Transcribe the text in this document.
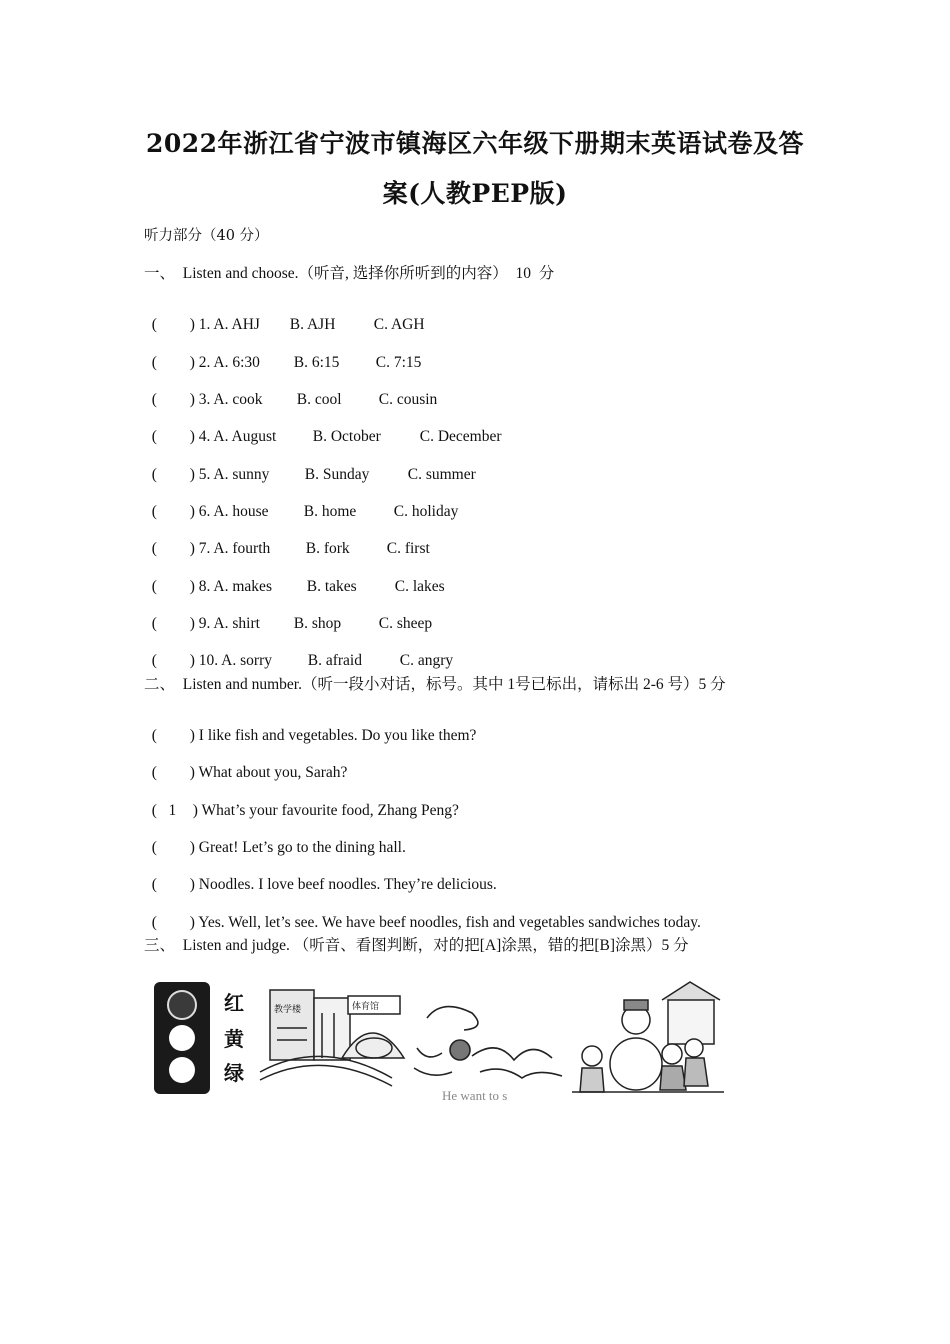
2022年浙江省宁波市镇海区六年级下册期末英语试卷及答
案(人教PEP版)
听力部分（40 分）
一、  Listen and choose.（听音, 选择你所听到的内容）  10  分

( ) 1. A. AHJ B. AJH C. AGH

( ) 2. A. 6:30 B. 6:15 C. 7:15

( ) 3. A. cook B. cool C. cousin

( ) 4. A. August B. October	C. December

( ) 5. A. sunny B. Sunday C. summer

( ) 6. A. house B. home C. holiday

( ) 7. A. fourth B. fork C. first

( ) 8. A. makes B. takes C. lakes

( ) 9. A. shirt B. shop C. sheep

( ) 10. A. sorry B. afraid C. angry

二、  Listen and number.（听一段小对话，标号。其中 1号已标出，请标出 2-6 号）5 分

( ) I like fish and vegetables. Do you like them?

( ) What about you, Sarah?

(   1 ) What’s your favourite food, Zhang Peng?

( ) Great! Let’s go to the dining hall.

( ) Noodles. I love beef noodles. They’re delicious.

( ) Yes. Well, let’s see. We have beef noodles, fish and vegetables sandwiches today.

三、  Listen and judge. （听音、看图判断，对的把[A]涂黑，错的把[B]涂黑）5 分
红
黄
绿
教学楼	体育馆
He want to s
